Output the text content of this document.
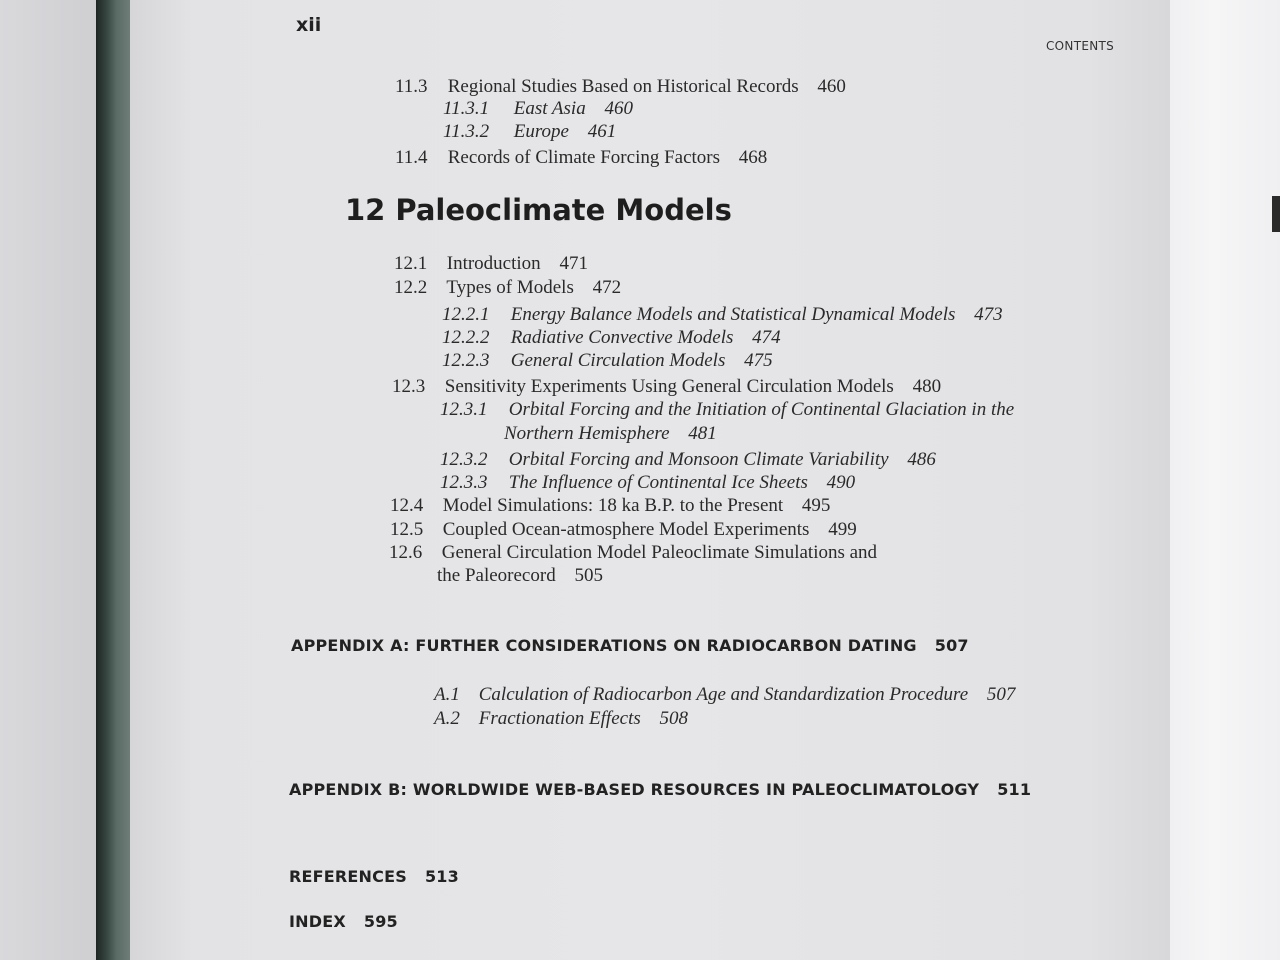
xii
CONTENTS
11.3 Regional Studies Based on Historical Records 460
11.3.1 East Asia 460
11.3.2 Europe 461
11.4 Records of Climate Forcing Factors 468
12 Paleoclimate Models
12.1 Introduction 471
12.2 Types of Models 472
12.2.1 Energy Balance Models and Statistical Dynamical Models 473
12.2.2 Radiative Convective Models 474
12.2.3 General Circulation Models 475
12.3 Sensitivity Experiments Using General Circulation Models 480
12.3.1 Orbital Forcing and the Initiation of Continental Glaciation in the
Northern Hemisphere 481
12.3.2 Orbital Forcing and Monsoon Climate Variability 486
12.3.3 The Influence of Continental Ice Sheets 490
12.4 Model Simulations: 18 ka B.P. to the Present 495
12.5 Coupled Ocean-atmosphere Model Experiments 499
12.6 General Circulation Model Paleoclimate Simulations and
the Paleorecord 505
APPENDIX A: FURTHER CONSIDERATIONS ON RADIOCARBON DATING 507
A.1 Calculation of Radiocarbon Age and Standardization Procedure 507
A.2 Fractionation Effects 508
APPENDIX B: WORLDWIDE WEB-BASED RESOURCES IN PALEOCLIMATOLOGY 511
REFERENCES 513
INDEX 595
